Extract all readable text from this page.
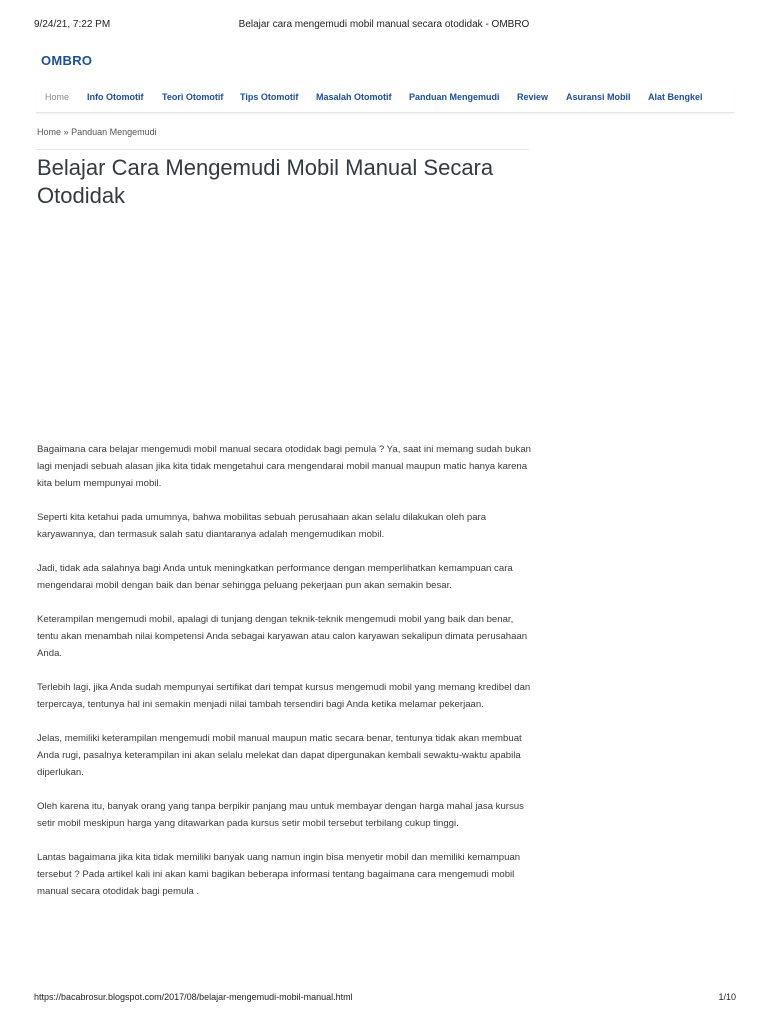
9/24/21, 7:22 PM	Belajar cara mengemudi mobil manual secara otodidak - OMBRO
OMBRO
Home Info Otomotif Teori Otomotif Tips Otomotif Masalah Otomotif Panduan Mengemudi Review Asuransi Mobil Alat Bengkel
Home » Panduan Mengemudi
Belajar Cara Mengemudi Mobil Manual Secara Otodidak

Bagaimana cara belajar mengemudi mobil manual secara otodidak bagi pemula ? Ya, saat ini memang sudah bukan lagi menjadi sebuah alasan jika kita tidak mengetahui cara mengendarai mobil manual maupun matic hanya karena kita belum mempunyai mobil.

Seperti kita ketahui pada umumnya, bahwa mobilitas sebuah perusahaan akan selalu dilakukan oleh para karyawannya, dan termasuk salah satu diantaranya adalah mengemudikan mobil.

Jadi, tidak ada salahnya bagi Anda untuk meningkatkan performance dengan memperlihatkan kemampuan cara mengendarai mobil dengan baik dan benar sehingga peluang pekerjaan pun akan semakin besar.

Keterampilan mengemudi mobil, apalagi di tunjang dengan teknik-teknik mengemudi mobil yang baik dan benar, tentu akan menambah nilai kompetensi Anda sebagai karyawan atau calon karyawan sekalipun dimata perusahaan Anda.

Terlebih lagi, jika Anda sudah mempunyai sertifikat dari tempat kursus mengemudi mobil yang memang kredibel dan terpercaya, tentunya hal ini semakin menjadi nilai tambah tersendiri bagi Anda ketika melamar pekerjaan.

Jelas, memiliki keterampilan mengemudi mobil manual maupun matic secara benar, tentunya tidak akan membuat Anda rugi, pasalnya keterampilan ini akan selalu melekat dan dapat dipergunakan kembali sewaktu-waktu apabila diperlukan.

Oleh karena itu, banyak orang yang tanpa berpikir panjang mau untuk membayar dengan harga mahal jasa kursus setir mobil meskipun harga yang ditawarkan pada kursus setir mobil tersebut terbilang cukup tinggi.

Lantas bagaimana jika kita tidak memiliki banyak uang namun ingin bisa menyetir mobil dan memiliki kemampuan tersebut ? Pada artikel kali ini akan kami bagikan beberapa informasi tentang bagaimana cara mengemudi mobil manual secara otodidak bagi pemula .

https://bacabrosur.blogspot.com/2017/08/belajar-mengemudi-mobil-manual.html	1/10
